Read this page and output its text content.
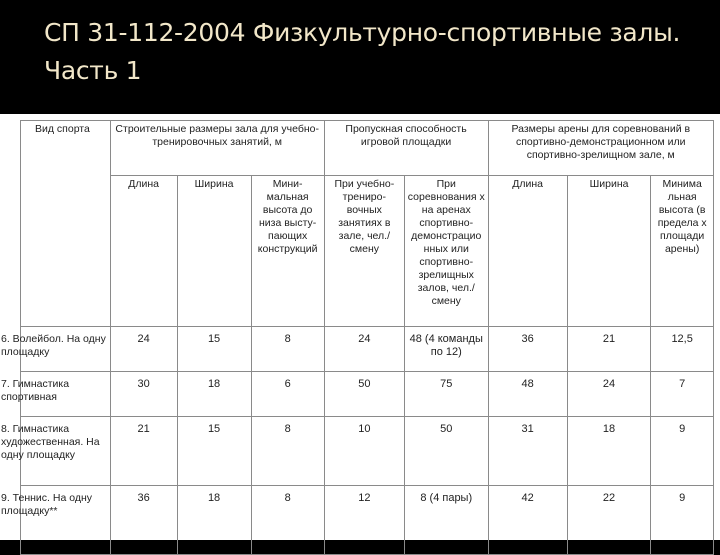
СП 31-112-2004 Физкультурно-спортивные залы. Часть 1
Вид спорта	Строительные размеры зала для учебно-тренировочных занятий, м			Пропускная способность игровой площадки		Размеры арены для соревнований в спортивно-демонстрационном или спортивно-зрелищном зале, м		
	Длина	Ширина	Мини-мальная высота до низа высту-пающих конструкций	При учебно-трениро-вочных занятиях в зале, чел./ смену	При соревнования х на аренах спортивно-демонстрацио нных или спортивно-зрелищных залов, чел./смену	Длина	Ширина	Минима льная высота (в предела х площади арены)

6. Волейбол. На одну площадку	24	15	8	24	48 (4 команды по 12)	36	21	12,5

7. Гимнастика спортивная	30	18	6	50	75	48	24	7

8. Гимнастика художественная. На одну площадку	21	15	8	10	50	31	18	9

9. Теннис. На одну площадку**	36	18	8	12	8 (4 пары)	42	22	9
